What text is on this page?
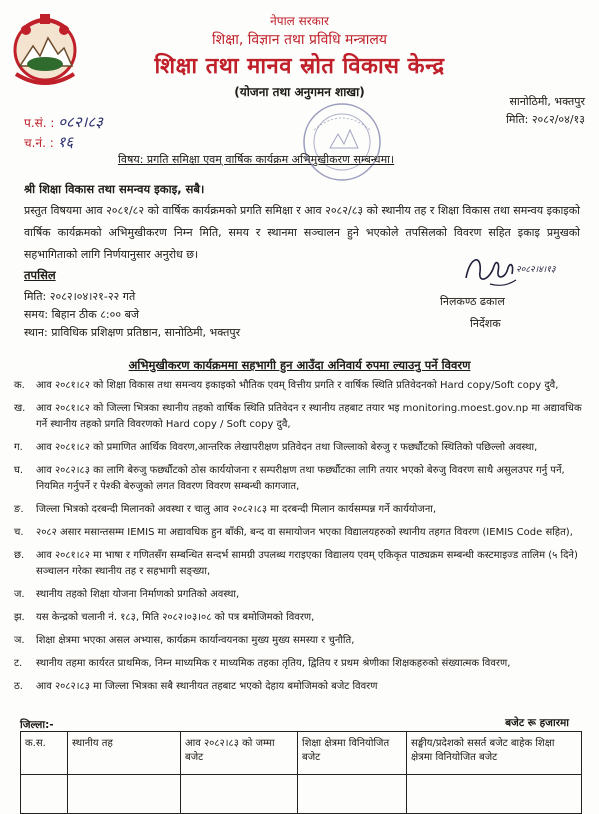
नेपाल सरकार
शिक्षा, विज्ञान तथा प्रविधि मन्त्रालय
शिक्षा तथा मानव स्रोत विकास केन्द्र
(योजना तथा अनुगमन शाखा)
सानोठिमी, भक्तपुर
मिति: २०८२/०४/१३
प.सं. : ०८२।८३
च.नं. : १६
विषय: प्रगति समिक्षा एवम् वार्षिक कार्यक्रम अभिमुखीकरण सम्बन्धमा।
श्री शिक्षा विकास तथा समन्वय इकाइ, सबै।
प्रस्तुत विषयमा आव २०८१/८२ को वार्षिक कार्यक्रमको प्रगति समिक्षा र आव २०८२/८३ को स्थानीय तह र शिक्षा विकास तथा समन्वय इकाइको वार्षिक कार्यक्रमको अभिमुखीकरण निम्न मिति, समय र स्थानमा सञ्चालन हुने भएकोले तपसिलको विवरण सहित इकाइ प्रमुखको सहभागिताको लागि निर्णयानुसार अनुरोध छ।
तपसिल
मिति: २०८२।०४।२१-२२ गते
समय: बिहान ठीक ८:०० बजे
स्थान: प्राविधिक प्रशिक्षण प्रतिष्ठान, सानोठिमी, भक्तपुर
२०८२।४।१३
निलकण्ठ ढकाल
निर्देशक
अभिमुखीकरण कार्यक्रममा सहभागी हुन आउँदा अनिवार्य रुपमा ल्याउनु पर्ने विवरण
क. आव २०८१।८२ को शिक्षा विकास तथा समन्वय इकाइको भौतिक एवम् वित्तीय प्रगति र वार्षिक स्थिति प्रतिवेदनको Hard copy/Soft copy दुवै,
ख. आव २०८१।८२ को जिल्ला भित्रका स्थानीय तहको वार्षिक स्थिति प्रतिवेदन र स्थानीय तहबाट तयार भइ monitoring.moest.gov.np मा अद्यावधिक गर्ने स्थानीय तहको प्रगति विवरणको Hard copy / Soft copy दुवै,
ग. आव २०८१।८२ को प्रमाणित आर्थिक विवरण,आन्तरिक लेखापरीक्षण प्रतिवेदन तथा जिल्लाको बेरुजु र फर्छ्यौटको स्थितिको पछिल्लो अवस्था,
घ. आव २०८२।८३ का लागि बेरुजु फर्छ्यौटको ठोस कार्ययोजना र सम्परीक्षण तथा फर्छ्यौटका लागि तयार भएको बेरुजु विवरण साथै असुलउपर गर्नु पर्ने, नियमित गर्नुपर्ने र पेश्की बेरुजुको लगत विवरण विवरण सम्बन्धी कागजात,
ङ. जिल्ला भित्रको दरबन्दी मिलानको अवस्था र चालु आव २०८२।८३ मा दरबन्दी मिलान कार्यसम्पन्न गर्ने कार्ययोजना,
च. २०८२ असार मसान्तसम्म IEMIS मा अद्यावधिक हुन बाँकी, बन्द वा समायोजन भएका विद्यालयहरुको स्थानीय तहगत विवरण (IEMIS Code सहित),
छ. आव २०८१।८२ मा भाषा र गणितसँग सम्बन्धित सन्दर्भ सामग्री उपलब्ध गराइएका विद्यालय एवम् एकिकृत पाठ्यक्रम सम्बन्धी कस्टमाइज्ड तालिम (५ दिने) सञ्चालन गरेका स्थानीय तह र सहभागी सङ्ख्या,
ज. स्थानीय तहको शिक्षा योजना निर्माणको प्रगतिको अवस्था,
झ. यस केन्द्रको चलानी नं. १८३, मिति २०८२।०३।०८ को पत्र बमोजिमको विवरण,
ञ. शिक्षा क्षेत्रमा भएका असल अभ्यास, कार्यक्रम कार्यान्वयनका मुख्य मुख्य समस्या र चुनौति,
ट. स्थानीय तहमा कार्यरत प्राथमिक, निम्न माध्यमिक र माध्यमिक तहका तृतिय, द्वितिय र प्रथम श्रेणीका शिक्षकहरुको संख्यात्मक विवरण,
ठ. आव २०८२।८३ मा जिल्ला भित्रका सबै स्थानीयत तहबाट भएको देहाय बमोजिमको बजेट विवरण
जिल्ला:-	बजेट रू हजारमा
क.स.	स्थानीय तह	आव २०८२।८३ को जम्मा बजेट	शिक्षा क्षेत्रमा विनियोजित बजेट	सङ्घीय/प्रदेशको ससर्त बजेट बाहेक शिक्षा क्षेत्रमा विनियोजित बजेट
